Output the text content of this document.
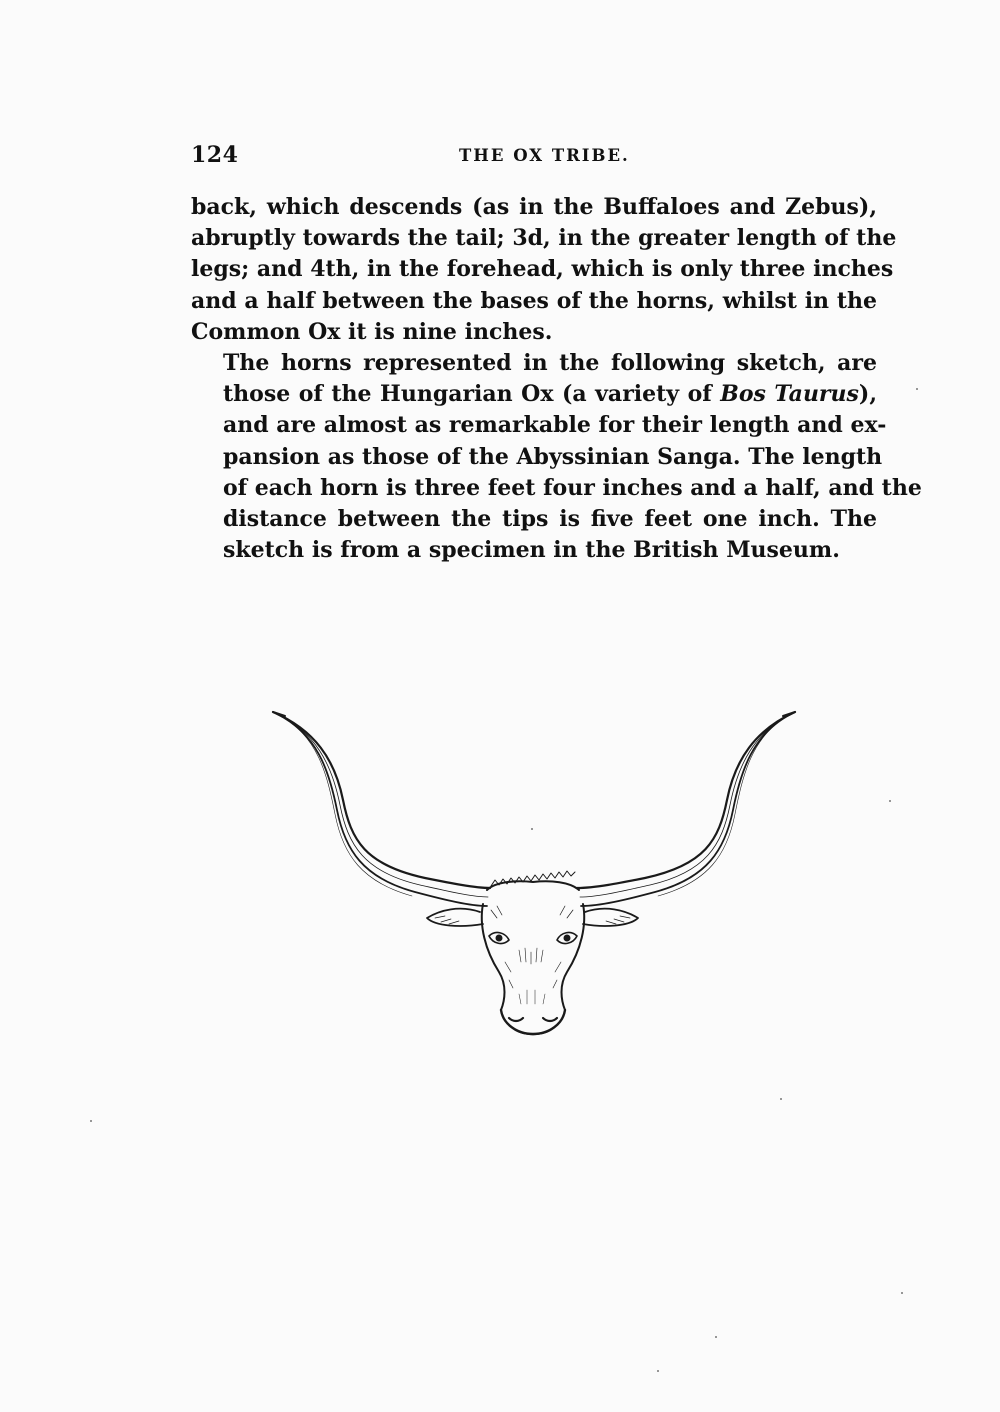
124	THE OX TRIBE.
back, which descends (as in the Buffaloes and Zebus),
abruptly towards the tail; 3d, in the greater length of the
legs; and 4th, in the forehead, which is only three inches
and a half between the bases of the horns, whilst in the
Common Ox it is nine inches.
The horns represented in the following sketch, are
those of the Hungarian Ox (a variety of Bos Taurus),
and are almost as remarkable for their length and ex-
pansion as those of the Abyssinian Sanga. The length
of each horn is three feet four inches and a half, and the
distance between the tips is five feet one inch. The
sketch is from a specimen in the British Museum.
